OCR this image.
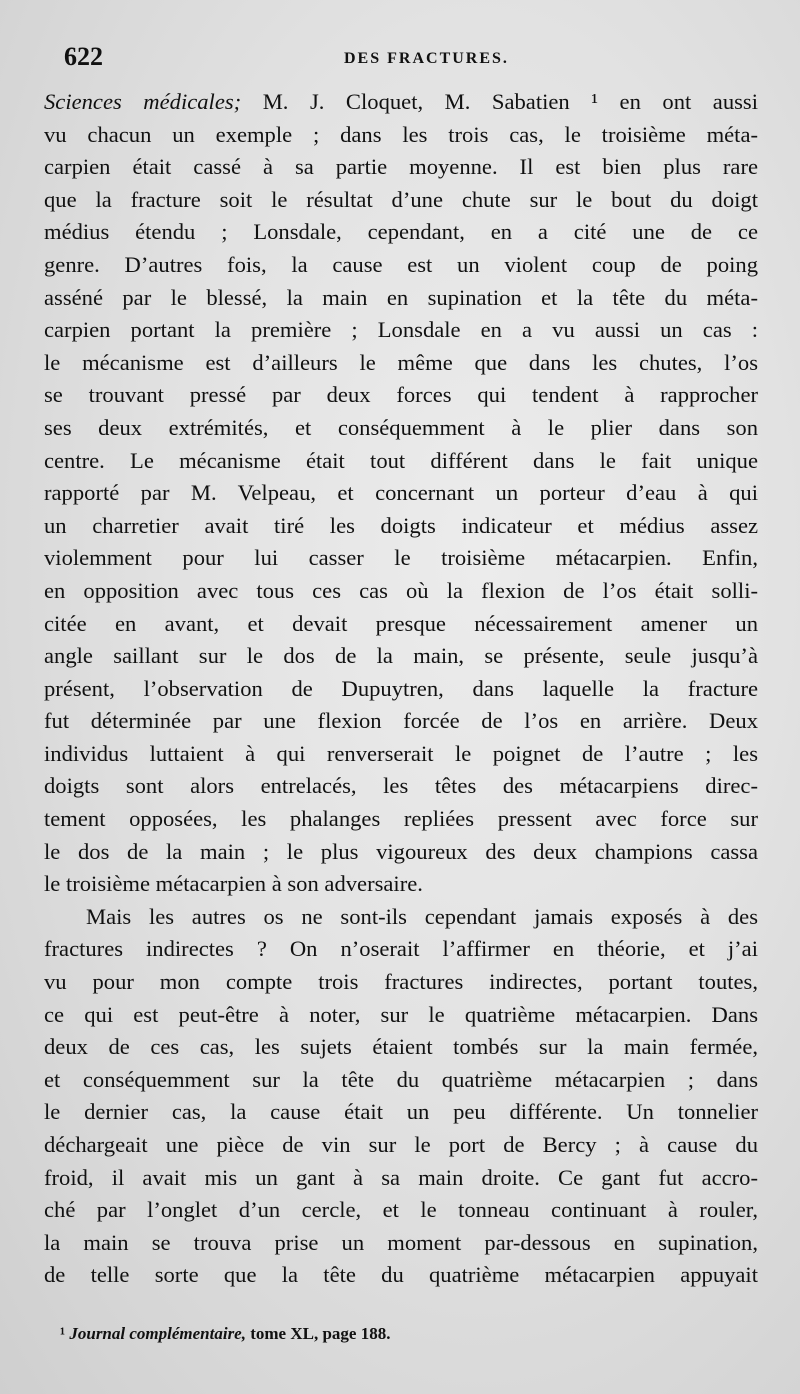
622	DES FRACTURES.
Sciences médicales; M. J. Cloquet, M. Sabatien ¹ en ont aussi
vu chacun un exemple ; dans les trois cas, le troisième méta-
carpien était cassé à sa partie moyenne. Il est bien plus rare
que la fracture soit le résultat d’une chute sur le bout du doigt
médius étendu ; Lonsdale, cependant, en a cité une de ce
genre. D’autres fois, la cause est un violent coup de poing
asséné par le blessé, la main en supination et la tête du méta-
carpien portant la première ; Lonsdale en a vu aussi un cas :
le mécanisme est d’ailleurs le même que dans les chutes, l’os
se trouvant pressé par deux forces qui tendent à rapprocher
ses deux extrémités, et conséquemment à le plier dans son
centre. Le mécanisme était tout différent dans le fait unique
rapporté par M. Velpeau, et concernant un porteur d’eau à qui
un charretier avait tiré les doigts indicateur et médius assez
violemment pour lui casser le troisième métacarpien. Enfin,
en opposition avec tous ces cas où la flexion de l’os était solli-
citée en avant, et devait presque nécessairement amener un
angle saillant sur le dos de la main, se présente, seule jusqu’à
présent, l’observation de Dupuytren, dans laquelle la fracture
fut déterminée par une flexion forcée de l’os en arrière. Deux
individus luttaient à qui renverserait le poignet de l’autre ; les
doigts sont alors entrelacés, les têtes des métacarpiens direc-
tement opposées, les phalanges repliées pressent avec force sur
le dos de la main ; le plus vigoureux des deux champions cassa
le troisième métacarpien à son adversaire.
Mais les autres os ne sont-ils cependant jamais exposés à des
fractures indirectes ? On n’oserait l’affirmer en théorie, et j’ai
vu pour mon compte trois fractures indirectes, portant toutes,
ce qui est peut-être à noter, sur le quatrième métacarpien. Dans
deux de ces cas, les sujets étaient tombés sur la main fermée,
et conséquemment sur la tête du quatrième métacarpien ; dans
le dernier cas, la cause était un peu différente. Un tonnelier
déchargeait une pièce de vin sur le port de Bercy ; à cause du
froid, il avait mis un gant à sa main droite. Ce gant fut accro-
ché par l’onglet d’un cercle, et le tonneau continuant à rouler,
la main se trouva prise un moment par-dessous en supination,
de telle sorte que la tête du quatrième métacarpien appuyait
¹ Journal complémentaire, tome XL, page 188.
